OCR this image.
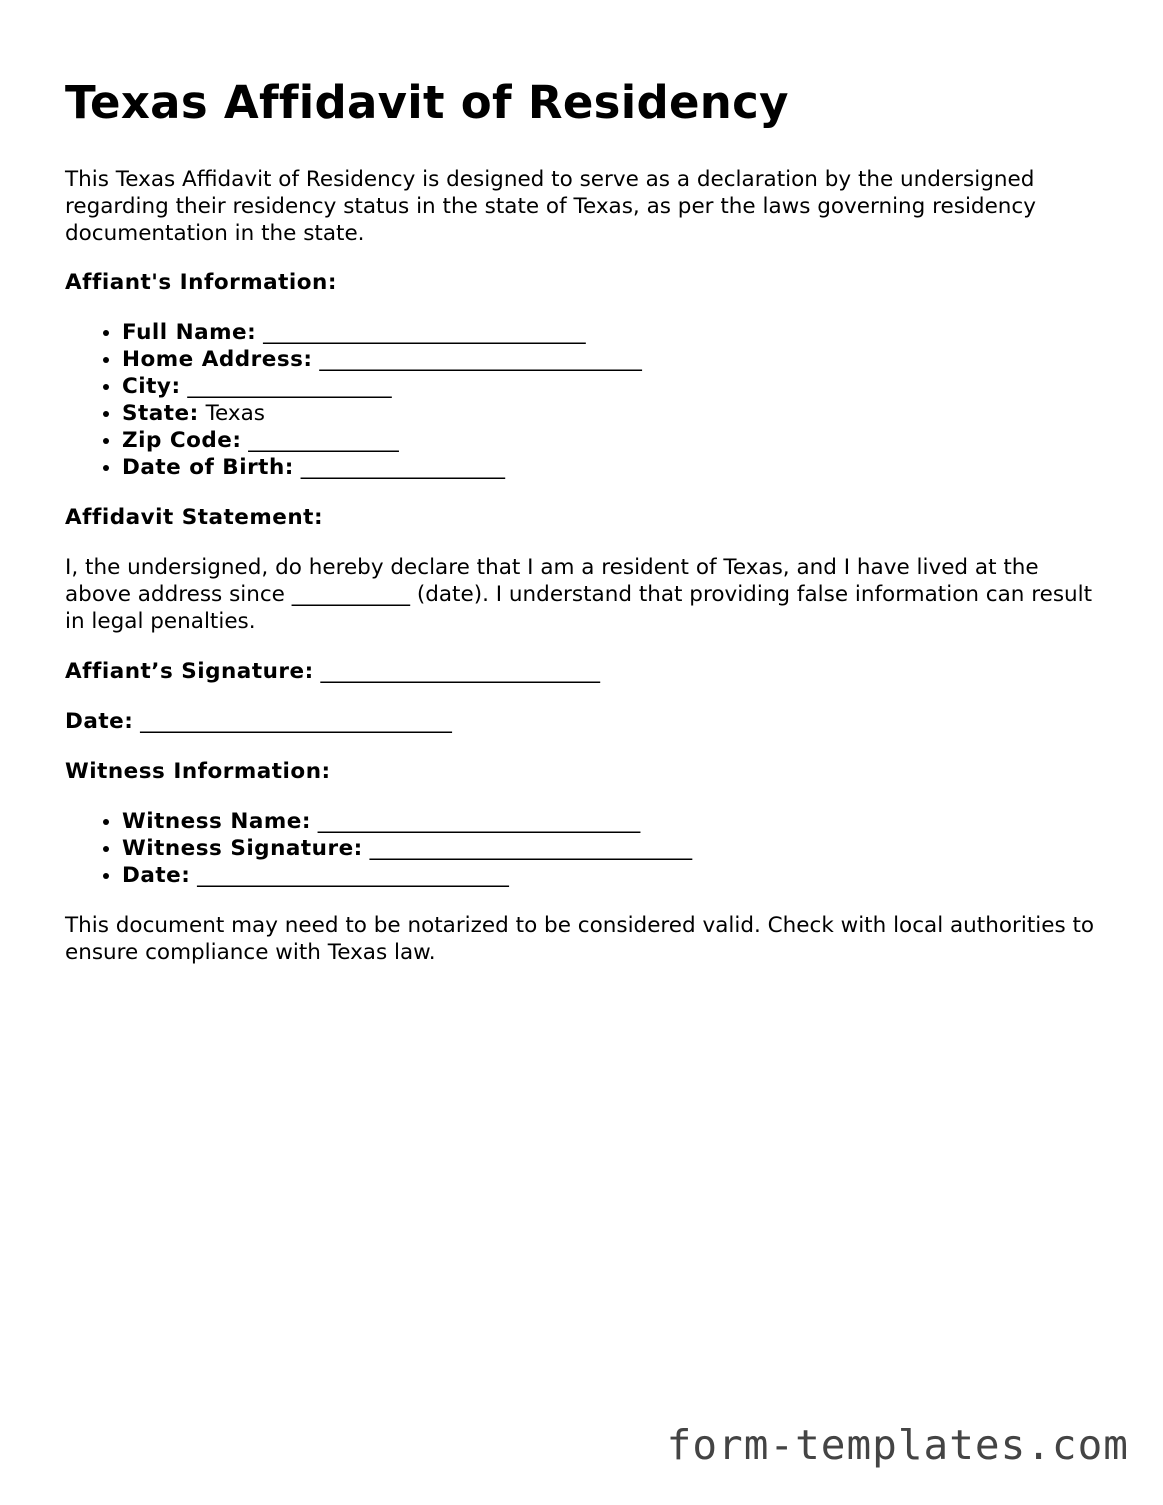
Texas Affidavit of Residency

This Texas Affidavit of Residency is designed to serve as a declaration by the undersigned regarding their residency status in the state of Texas, as per the laws governing residency documentation in the state.

Affiant's Information:

• Full Name: ______________________________
• Home Address: ______________________________
• City: ___________________
• State: Texas
• Zip Code: ______________
• Date of Birth: ___________________

Affidavit Statement:

I, the undersigned, do hereby declare that I am a resident of Texas, and I have lived at the above address since ___________ (date). I understand that providing false information can result in legal penalties.

Affiant’s Signature: __________________________

Date: _____________________________

Witness Information:

• Witness Name: ______________________________
• Witness Signature: ______________________________
• Date: _____________________________

This document may need to be notarized to be considered valid. Check with local authorities to ensure compliance with Texas law.

form-templates.com
